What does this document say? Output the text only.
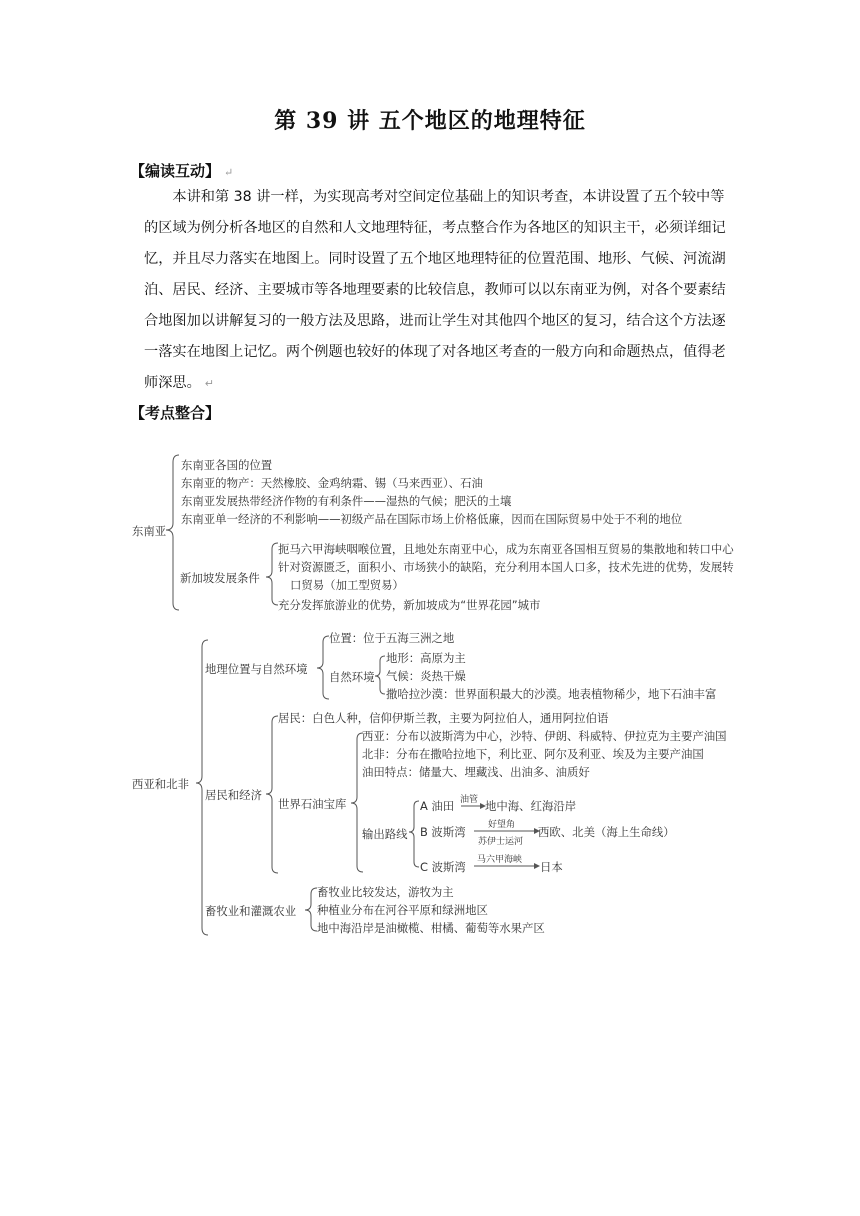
第 39 讲 五个地区的地理特征
【编读互动】 ↵

本讲和第 38 讲一样，为实现高考对空间定位基础上的知识考查，本讲设置了五个较中等的区域为例分析各地区的自然和人文地理特征，考点整合作为各地区的知识主干，必须详细记忆，并且尽力落实在地图上。同时设置了五个地区地理特征的位置范围、地形、气候、河流湖泊、居民、经济、主要城市等各地理要素的比较信息，教师可以以东南亚为例，对各个要素结合地图加以讲解复习的一般方法及思路，进而让学生对其他四个地区的复习，结合这个方法逐一落实在地图上记忆。两个例题也较好的体现了对各地区考查的一般方向和命题热点，值得老师深思。 ↵

【考点整合】
东南亚
东南亚各国的位置
东南亚的物产：天然橡胶、金鸡纳霜、锡（马来西亚）、石油
东南亚发展热带经济作物的有利条件——湿热的气候；肥沃的土壤
东南亚单一经济的不利影响——初级产品在国际市场上价格低廉，因而在国际贸易中处于不利的地位
新加坡发展条件
扼马六甲海峡咽喉位置，且地处东南亚中心，成为东南亚各国相互贸易的集散地和转口中心
针对资源匮乏，面积小、市场狭小的缺陷，充分利用本国人口多，技术先进的优势，发展转
口贸易（加工型贸易）
充分发挥旅游业的优势，新加坡成为“世界花园”城市
西亚和北非
地理位置与自然环境
位置：位于五海三洲之地
自然环境
地形：高原为主
气候：炎热干燥
撒哈拉沙漠：世界面积最大的沙漠。地表植物稀少，地下石油丰富
居民和经济
居民：白色人种，信仰伊斯兰教，主要为阿拉伯人，通用阿拉伯语
世界石油宝库
西亚：分布以波斯湾为中心，沙特、伊朗、科威特、伊拉克为主要产油国
北非：分布在撒哈拉地下，利比亚、阿尔及利亚、埃及为主要产油国
油田特点：储量大、埋藏浅、出油多、油质好
输出路线
A 油田 油管 地中海、红海沿岸
B 波斯湾 好望角
苏伊士运河
西欧、北美（海上生命线）
C 波斯湾 马六甲海峡 日本
畜牧业和灌溉农业
畜牧业比较发达，游牧为主
种植业分布在河谷平原和绿洲地区
地中海沿岸是油橄榄、柑橘、葡萄等水果产区
